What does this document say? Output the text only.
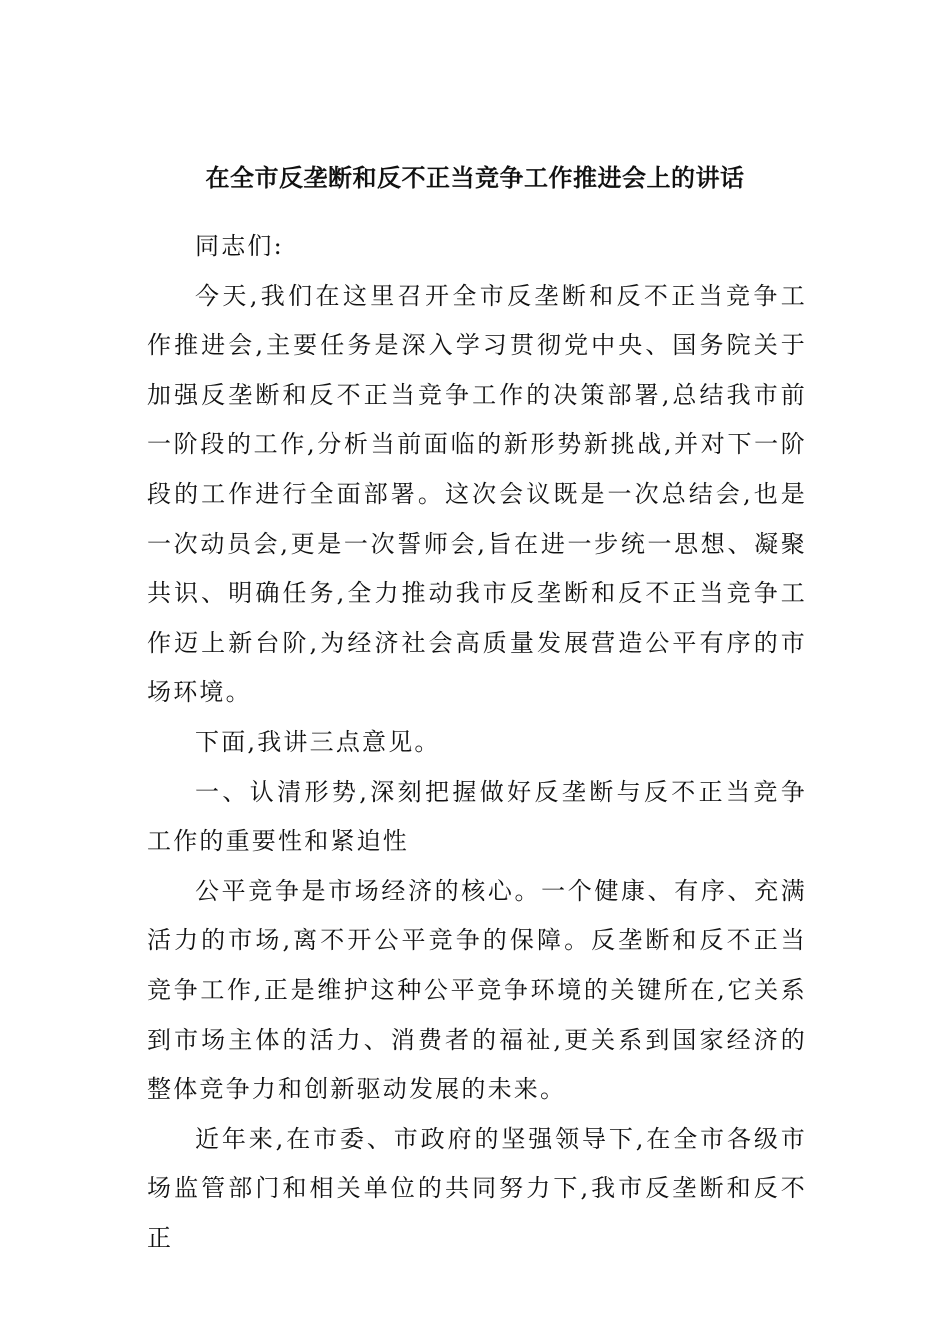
在全市反垄断和反不正当竞争工作推进会上的讲话

同志们:

今天,我们在这里召开全市反垄断和反不正当竞争工作推进会,主要任务是深入学习贯彻党中央、国务院关于加强反垄断和反不正当竞争工作的决策部署,总结我市前一阶段的工作,分析当前面临的新形势新挑战,并对下一阶段的工作进行全面部署。这次会议既是一次总结会,也是一次动员会,更是一次誓师会,旨在进一步统一思想、凝聚共识、明确任务,全力推动我市反垄断和反不正当竞争工作迈上新台阶,为经济社会高质量发展营造公平有序的市场环境。

下面,我讲三点意见。

一、认清形势,深刻把握做好反垄断与反不正当竞争工作的重要性和紧迫性

公平竞争是市场经济的核心。一个健康、有序、充满活力的市场,离不开公平竞争的保障。反垄断和反不正当竞争工作,正是维护这种公平竞争环境的关键所在,它关系到市场主体的活力、消费者的福祉,更关系到国家经济的整体竞争力和创新驱动发展的未来。

近年来,在市委、市政府的坚强领导下,在全市各级市场监管部门和相关单位的共同努力下,我市反垄断和反不正
